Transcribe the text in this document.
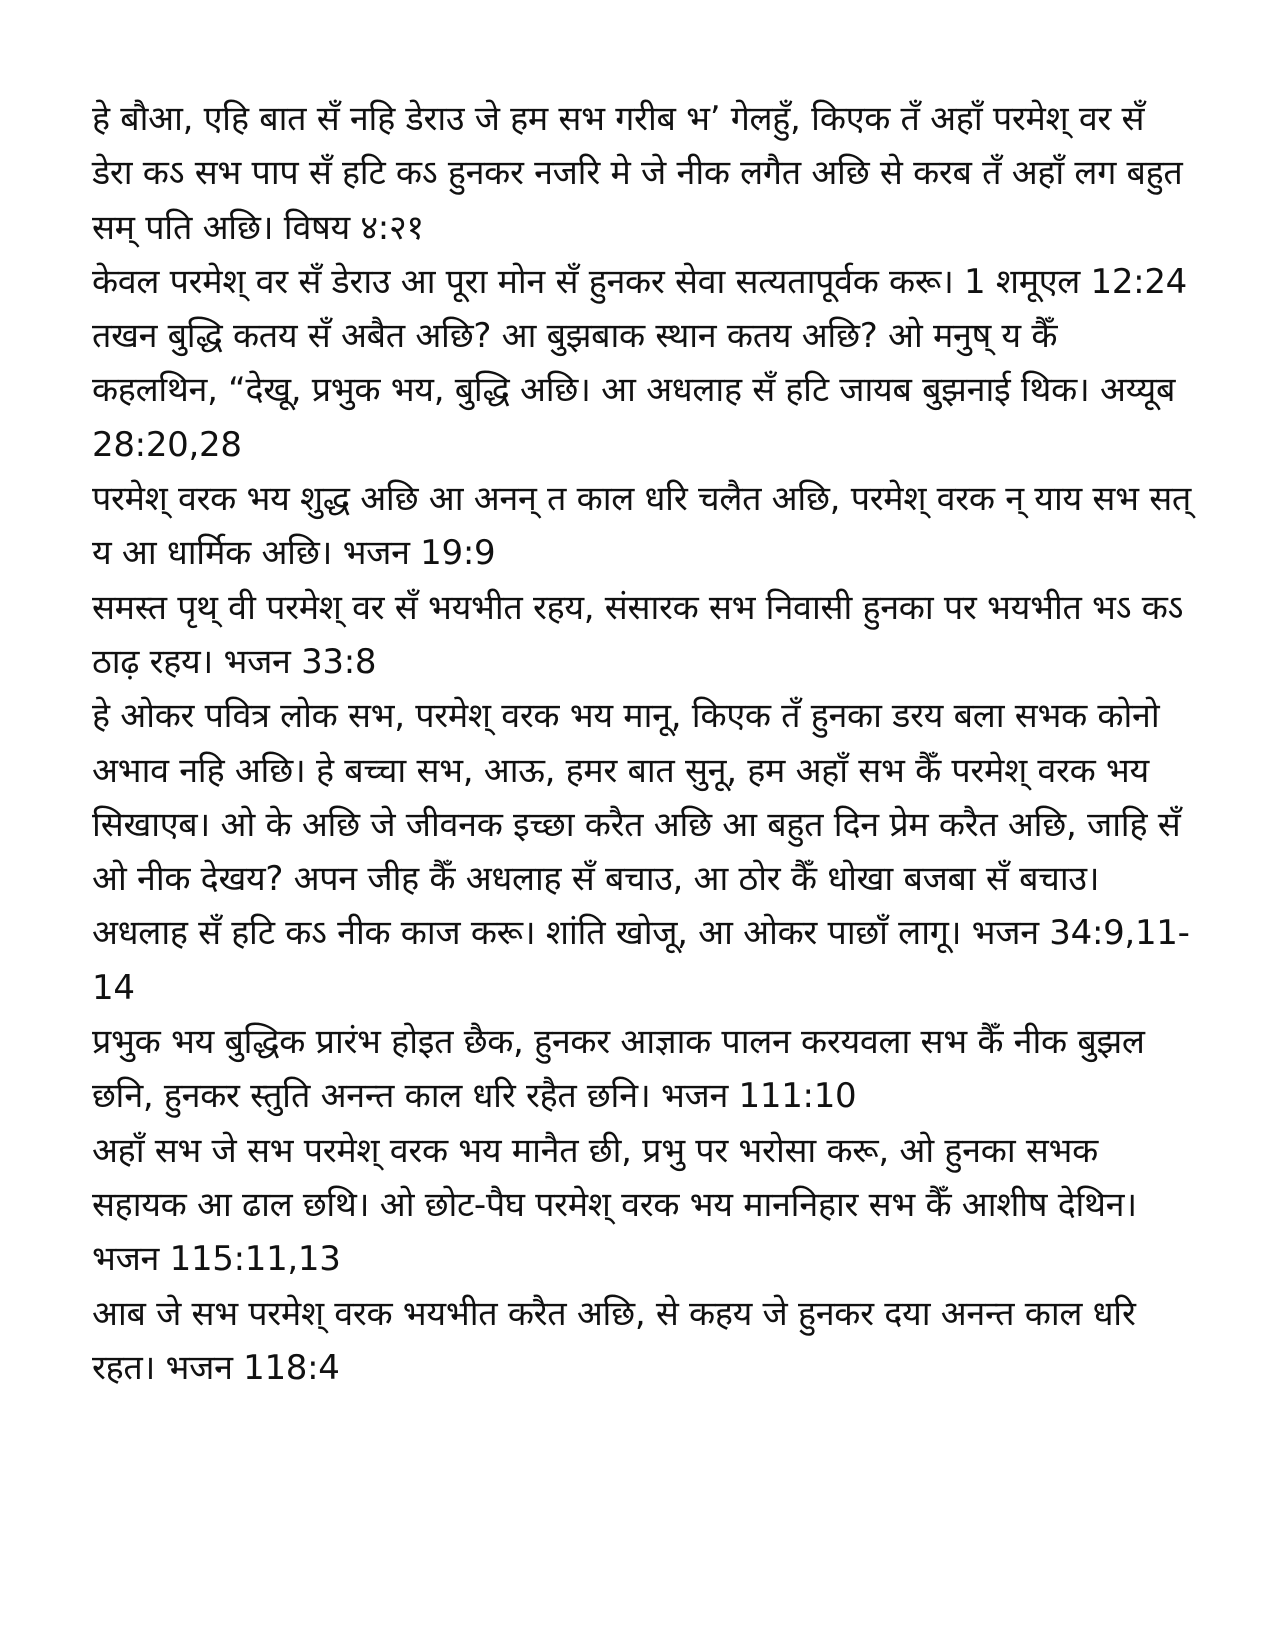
हे बौआ, एहि बात सँ नहि डेराउ जे हम सभ गरीब भ’ गेलहुँ, किएक तँ अहाँ परमेश् वर सँ डेरा कऽ सभ पाप सँ हटि कऽ हुनकर नजरि मे जे नीक लगैत अछि से करब तँ अहाँ लग बहुत सम् पति अछि। विषय ४:२१

केवल परमेश् वर सँ डेराउ आ पूरा मोन सँ हुनकर सेवा सत्यतापूर्वक करू। 1 शमूएल 12:24

तखन बुद्धि कतय सँ अबैत अछि? आ बुझबाक स्थान कतय अछि? ओ मनुष् य कैँ कहलथिन, “देखू, प्रभुक भय, बुद्धि अछि। आ अधलाह सँ हटि जायब बुझनाई थिक। अय्यूब 28:20,28

परमेश् वरक भय शुद्ध अछि आ अनन् त काल धरि चलैत अछि, परमेश् वरक न् याय सभ सत् य आ धार्मिक अछि। भजन 19:9

समस्त पृथ् वी परमेश् वर सँ भयभीत रहय, संसारक सभ निवासी हुनका पर भयभीत भऽ कऽ ठाढ़ रहय। भजन 33:8

हे ओकर पवित्र लोक सभ, परमेश् वरक भय मानू, किएक तँ हुनका डरय बला सभक कोनो अभाव नहि अछि। हे बच्चा सभ, आऊ, हमर बात सुनू, हम अहाँ सभ कैँ परमेश् वरक भय सिखाएब। ओ के अछि जे जीवनक इच्छा करैत अछि आ बहुत दिन प्रेम करैत अछि, जाहि सँ ओ नीक देखय? अपन जीह कैँ अधलाह सँ बचाउ, आ ठोर कैँ धोखा बजबा सँ बचाउ। अधलाह सँ हटि कऽ नीक काज करू। शांति खोजू, आ ओकर पाछाँ लागू। भजन 34:9,11-14

प्रभुक भय बुद्धिक प्रारंभ होइत छैक, हुनकर आज्ञाक पालन करयवला सभ कैँ नीक बुझल छनि, हुनकर स्तुति अनन्त काल धरि रहैत छनि। भजन 111:10

अहाँ सभ जे सभ परमेश् वरक भय मानैत छी, प्रभु पर भरोसा करू, ओ हुनका सभक सहायक आ ढाल छथि। ओ छोट-पैघ परमेश् वरक भय माननिहार सभ कैँ आशीष देथिन। भजन 115:11,13

आब जे सभ परमेश् वरक भयभीत करैत अछि, से कहय जे हुनकर दया अनन्त काल धरि रहत। भजन 118:4
